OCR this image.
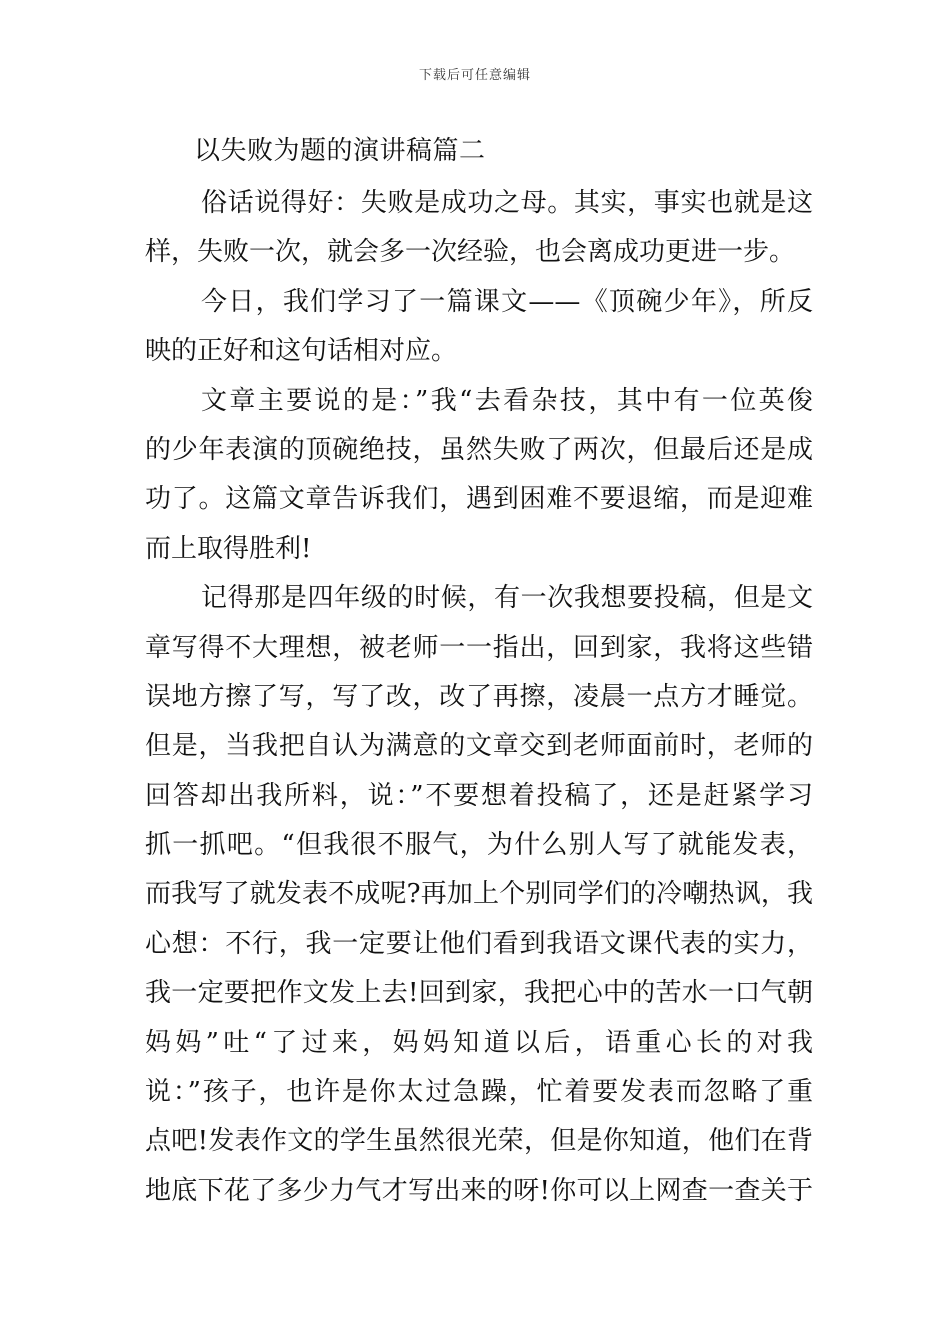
下载后可任意编辑
以失败为题的演讲稿篇二
俗话说得好：失败是成功之母。其实，事实也就是这
样，失败一次，就会多一次经验，也会离成功更进一步。
今日，我们学习了一篇课文——《顶碗少年》，所反
映的正好和这句话相对应。
文章主要说的是：”我“去看杂技，其中有一位英俊
的少年表演的顶碗绝技，虽然失败了两次，但最后还是成
功了。这篇文章告诉我们，遇到困难不要退缩，而是迎难
而上取得胜利!
记得那是四年级的时候，有一次我想要投稿，但是文
章写得不大理想，被老师一一指出，回到家，我将这些错
误地方擦了写，写了改，改了再擦，凌晨一点方才睡觉。
但是，当我把自认为满意的文章交到老师面前时，老师的
回答却出我所料，说：”不要想着投稿了，还是赶紧学习
抓一抓吧。“但我很不服气，为什么别人写了就能发表，
而我写了就发表不成呢?再加上个别同学们的冷嘲热讽，我
心想：不行，我一定要让他们看到我语文课代表的实力，
我一定要把作文发上去!回到家，我把心中的苦水一口气朝
妈妈”吐“了过来，妈妈知道以后，语重心长的对我
说：”孩子，也许是你太过急躁，忙着要发表而忽略了重
点吧!发表作文的学生虽然很光荣，但是你知道，他们在背
地底下花了多少力气才写出来的呀!你可以上网查一查关于
